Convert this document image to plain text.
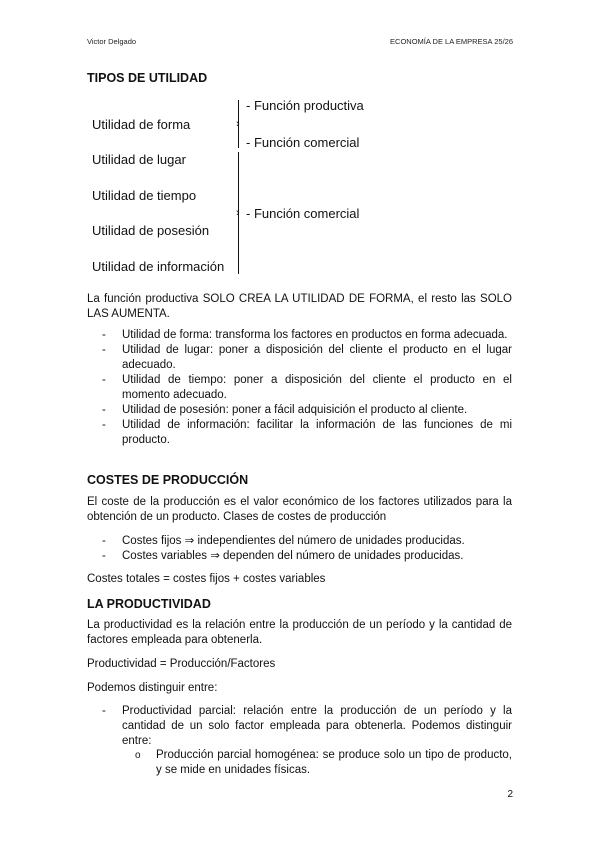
Victor Delgado	ECONOMÍA DE LA EMPRESA 25/26
TIPOS DE UTILIDAD
Utilidad de forma
Utilidad de lugar
Utilidad de tiempo
Utilidad de posesión
Utilidad de información
›
›
- Función productiva
- Función comercial
- Función comercial
La función productiva SOLO CREA LA UTILIDAD DE FORMA, el resto las SOLO LAS AUMENTA.
- Utilidad de forma: transforma los factores en productos en forma adecuada.
- Utilidad de lugar: poner a disposición del cliente el producto en el lugar adecuado.
- Utilidad de tiempo: poner a disposición del cliente el producto en el momento adecuado.
- Utilidad de posesión: poner a fácil adquisición el producto al cliente.
- Utilidad de información: facilitar la información de las funciones de mi producto.
COSTES DE PRODUCCIÓN
El coste de la producción es el valor económico de los factores utilizados para la obtención de un producto. Clases de costes de producción
- Costes fijos ⇒ independientes del número de unidades producidas.
- Costes variables ⇒ dependen del número de unidades producidas.
Costes totales = costes fijos + costes variables
LA PRODUCTIVIDAD
La productividad es la relación entre la producción de un período y la cantidad de factores empleada para obtenerla.
Productividad = Producción/Factores
Podemos distinguir entre:
- Productividad parcial: relación entre la producción de un período y la cantidad de un solo factor empleada para obtenerla. Podemos distinguir entre:
o Producción parcial homogénea: se produce solo un tipo de producto, y se mide en unidades físicas.
2
